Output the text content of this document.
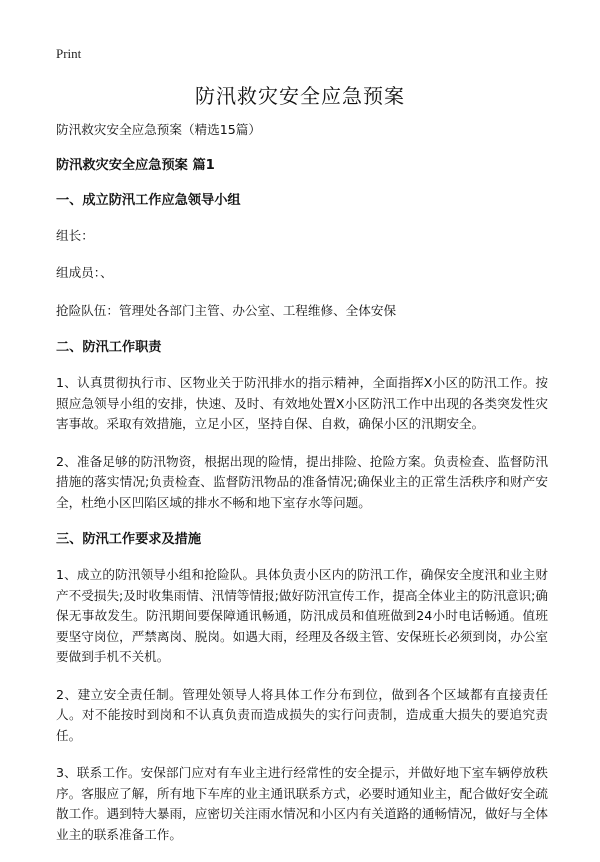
Print
防汛救灾安全应急预案

防汛救灾安全应急预案（精选15篇）

防汛救灾安全应急预案 篇1
一、成立防汛工作应急领导小组

组长：

组成员：、

抢险队伍：管理处各部门主管、办公室、工程维修、全体安保

二、防汛工作职责

1、认真贯彻执行市、区物业关于防汛排水的指示精神，全面指挥X小区的防汛工作。按照应急领导小组的安排，快速、及时、有效地处置X小区防汛工作中出现的各类突发性灾害事故。采取有效措施，立足小区，坚持自保、自救，确保小区的汛期安全。

2、准备足够的防汛物资，根据出现的险情，提出排险、抢险方案。负责检查、监督防汛措施的落实情况;负责检查、监督防汛物品的准备情况;确保业主的正常生活秩序和财产安全，杜绝小区凹陷区域的排水不畅和地下室存水等问题。

三、防汛工作要求及措施

1、成立的防汛领导小组和抢险队。具体负责小区内的防汛工作，确保安全度汛和业主财产不受损失;及时收集雨情、汛情等情报;做好防汛宣传工作，提高全体业主的防汛意识;确保无事故发生。防汛期间要保障通讯畅通，防汛成员和值班做到24小时电话畅通。值班要坚守岗位，严禁离岗、脱岗。如遇大雨，经理及各级主管、安保班长必须到岗，办公室要做到手机不关机。

2、建立安全责任制。管理处领导人将具体工作分布到位，做到各个区域都有直接责任人。对不能按时到岗和不认真负责而造成损失的实行问责制，造成重大损失的要追究责任。

3、联系工作。安保部门应对有车业主进行经常性的安全提示，并做好地下室车辆停放秩序。客服应了解，所有地下车库的业主通讯联系方式，必要时通知业主，配合做好安全疏散工作。遇到特大暴雨，应密切关注雨水情况和小区内有关道路的通畅情况，做好与全体业主的联系准备工作。
